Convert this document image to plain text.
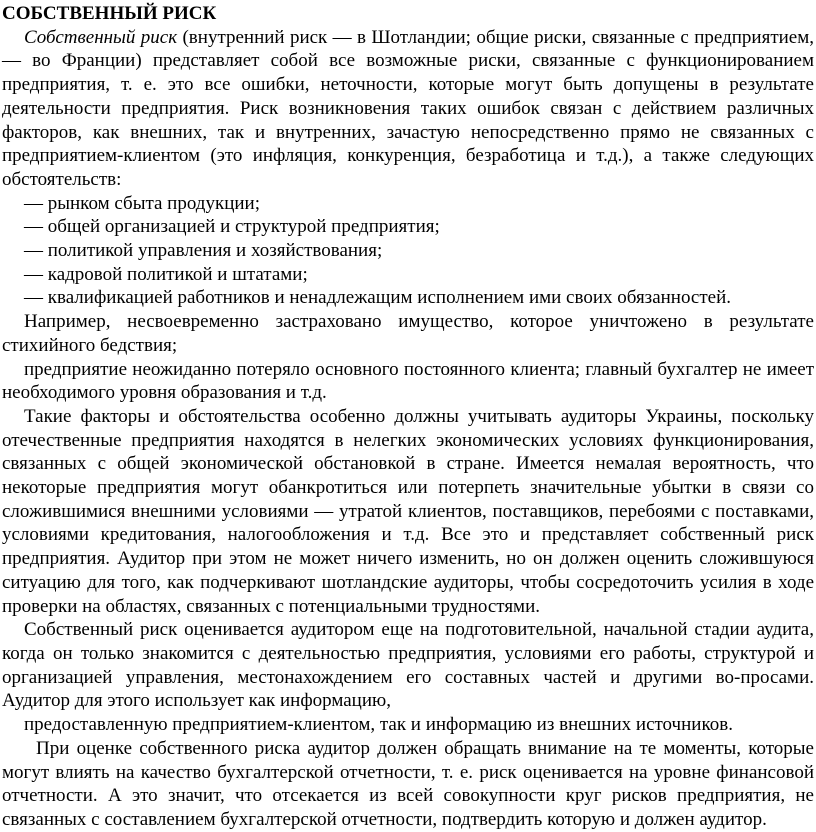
СОБСТВЕННЫЙ РИСК

Собственный риск (внутренний риск — в Шотландии; общие риски, связанные с предприятием, — во Франции) представляет собой все возможные риски, связанные с функционированием предприятия, т. е. это все ошибки, неточности, которые могут быть допущены в результате деятельности предприятия. Риск возникновения таких ошибок связан с действием различных факторов, как внешних, так и внутренних, зачастую непосредственно прямо не связанных с предприятием-клиентом (это инфляция, конкуренция, безработица и т.д.), а также следующих обстоятельств:

— рынком сбыта продукции;

— общей организацией и структурой предприятия;

— политикой управления и хозяйствования;

— кадровой политикой и штатами;

— квалификацией работников и ненадлежащим исполнением ими своих обязанностей.

Например, несвоевременно застраховано имущество, которое уничтожено в результате стихийного бедствия;

предприятие неожиданно потеряло основного постоянного клиента; главный бухгалтер не имеет необходимого уровня образования и т.д.

Такие факторы и обстоятельства особенно должны учитывать аудиторы Украины, поскольку отечественные предприятия находятся в нелегких экономических условиях функционирования, связанных с общей экономической обстановкой в стране. Имеется немалая вероятность, что некоторые предприятия могут обанкротиться или потерпеть значительные убытки в связи со сложившимися внешними условиями — утратой клиентов, поставщиков, перебоями с поставками, условиями кредитования, налогообложения и т.д. Все это и представляет собственный риск предприятия. Аудитор при этом не может ничего изменить, но он должен оценить сложившуюся ситуацию для того, как подчеркивают шотландские аудиторы, чтобы сосредоточить усилия в ходе проверки на областях, связанных с потенциальными трудностями.

Собственный риск оценивается аудитором еще на подготовительной, начальной стадии аудита, когда он только знакомится с деятельностью предприятия, условиями его работы, структурой и организацией управления, местонахождением его составных частей и другими во-просами. Аудитор для этого использует как информацию,

предоставленную предприятием-клиентом, так и информацию из внешних источников.

При оценке собственного риска аудитор должен обращать внимание на те моменты, которые могут влиять на качество бухгалтерской отчетности, т. е. риск оценивается на уровне финансовой отчетности. А это значит, что отсекается из всей совокупности круг рисков предприятия, не связанных с составлением бухгалтерской отчетности, подтвердить которую и должен аудитор.
